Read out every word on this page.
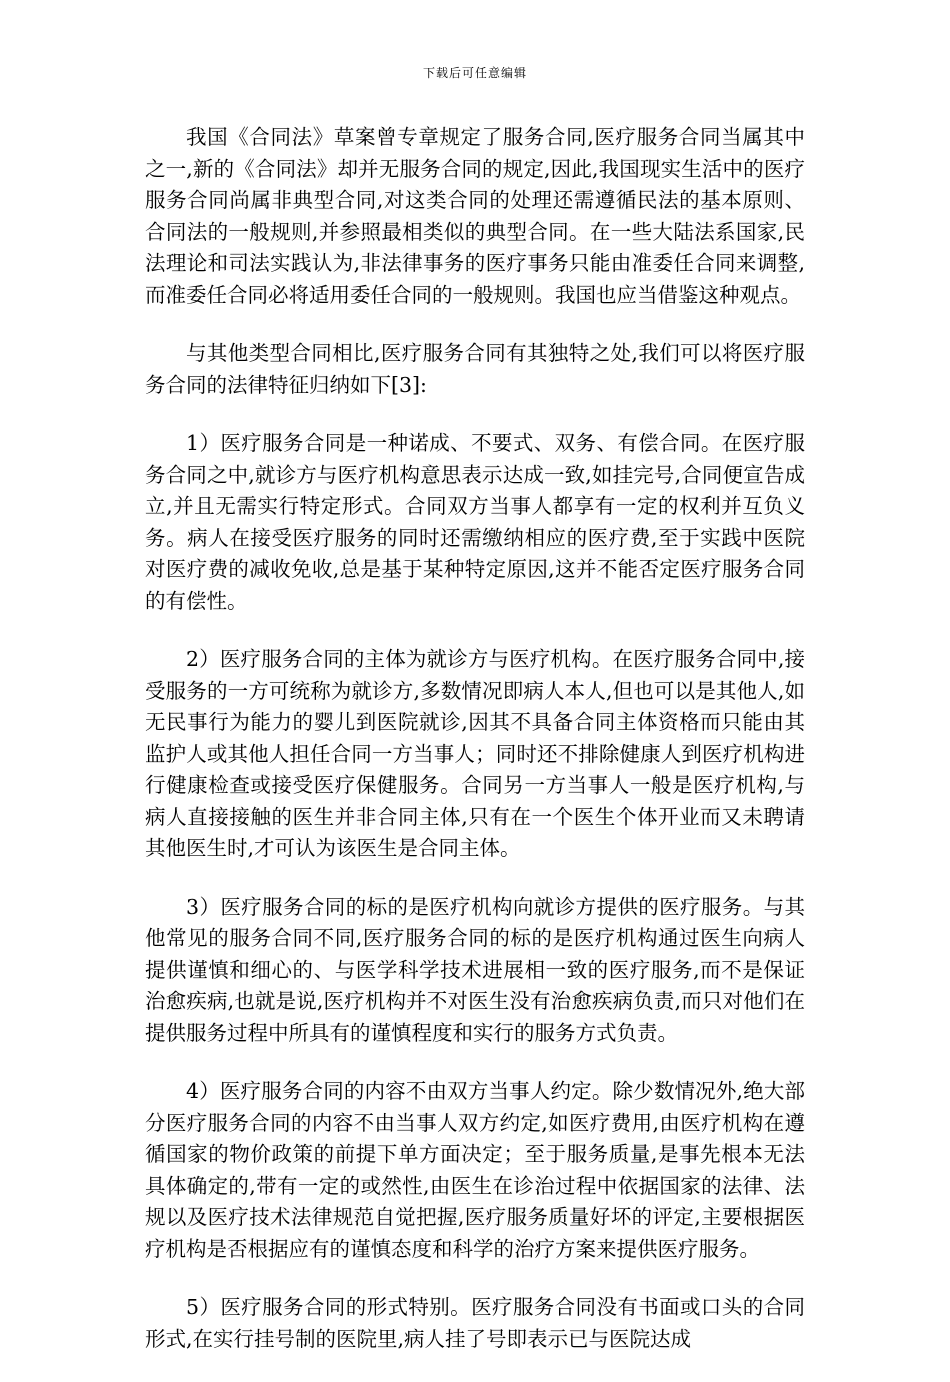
下载后可任意编辑

我国《合同法》草案曾专章规定了服务合同,医疗服务合同当属其中之一,新的《合同法》却并无服务合同的规定,因此,我国现实生活中的医疗服务合同尚属非典型合同,对这类合同的处理还需遵循民法的基本原则、合同法的一般规则,并参照最相类似的典型合同。在一些大陆法系国家,民法理论和司法实践认为,非法律事务的医疗事务只能由准委任合同来调整,而准委任合同必将适用委任合同的一般规则。我国也应当借鉴这种观点。

与其他类型合同相比,医疗服务合同有其独特之处,我们可以将医疗服务合同的法律特征归纳如下[3]:

1）医疗服务合同是一种诺成、不要式、双务、有偿合同。在医疗服务合同之中,就诊方与医疗机构意思表示达成一致,如挂完号,合同便宣告成立,并且无需实行特定形式。合同双方当事人都享有一定的权利并互负义务。病人在接受医疗服务的同时还需缴纳相应的医疗费,至于实践中医院对医疗费的减收免收,总是基于某种特定原因,这并不能否定医疗服务合同的有偿性。

2）医疗服务合同的主体为就诊方与医疗机构。在医疗服务合同中,接受服务的一方可统称为就诊方,多数情况即病人本人,但也可以是其他人,如无民事行为能力的婴儿到医院就诊,因其不具备合同主体资格而只能由其监护人或其他人担任合同一方当事人；同时还不排除健康人到医疗机构进行健康检查或接受医疗保健服务。合同另一方当事人一般是医疗机构,与病人直接接触的医生并非合同主体,只有在一个医生个体开业而又未聘请其他医生时,才可认为该医生是合同主体。

3）医疗服务合同的标的是医疗机构向就诊方提供的医疗服务。与其他常见的服务合同不同,医疗服务合同的标的是医疗机构通过医生向病人提供谨慎和细心的、与医学科学技术进展相一致的医疗服务,而不是保证治愈疾病,也就是说,医疗机构并不对医生没有治愈疾病负责,而只对他们在提供服务过程中所具有的谨慎程度和实行的服务方式负责。

4）医疗服务合同的内容不由双方当事人约定。除少数情况外,绝大部分医疗服务合同的内容不由当事人双方约定,如医疗费用,由医疗机构在遵循国家的物价政策的前提下单方面决定；至于服务质量,是事先根本无法具体确定的,带有一定的或然性,由医生在诊治过程中依据国家的法律、法规以及医疗技术法律规范自觉把握,医疗服务质量好坏的评定,主要根据医疗机构是否根据应有的谨慎态度和科学的治疗方案来提供医疗服务。

5）医疗服务合同的形式特别。医疗服务合同没有书面或口头的合同形式,在实行挂号制的医院里,病人挂了号即表示已与医院达成
